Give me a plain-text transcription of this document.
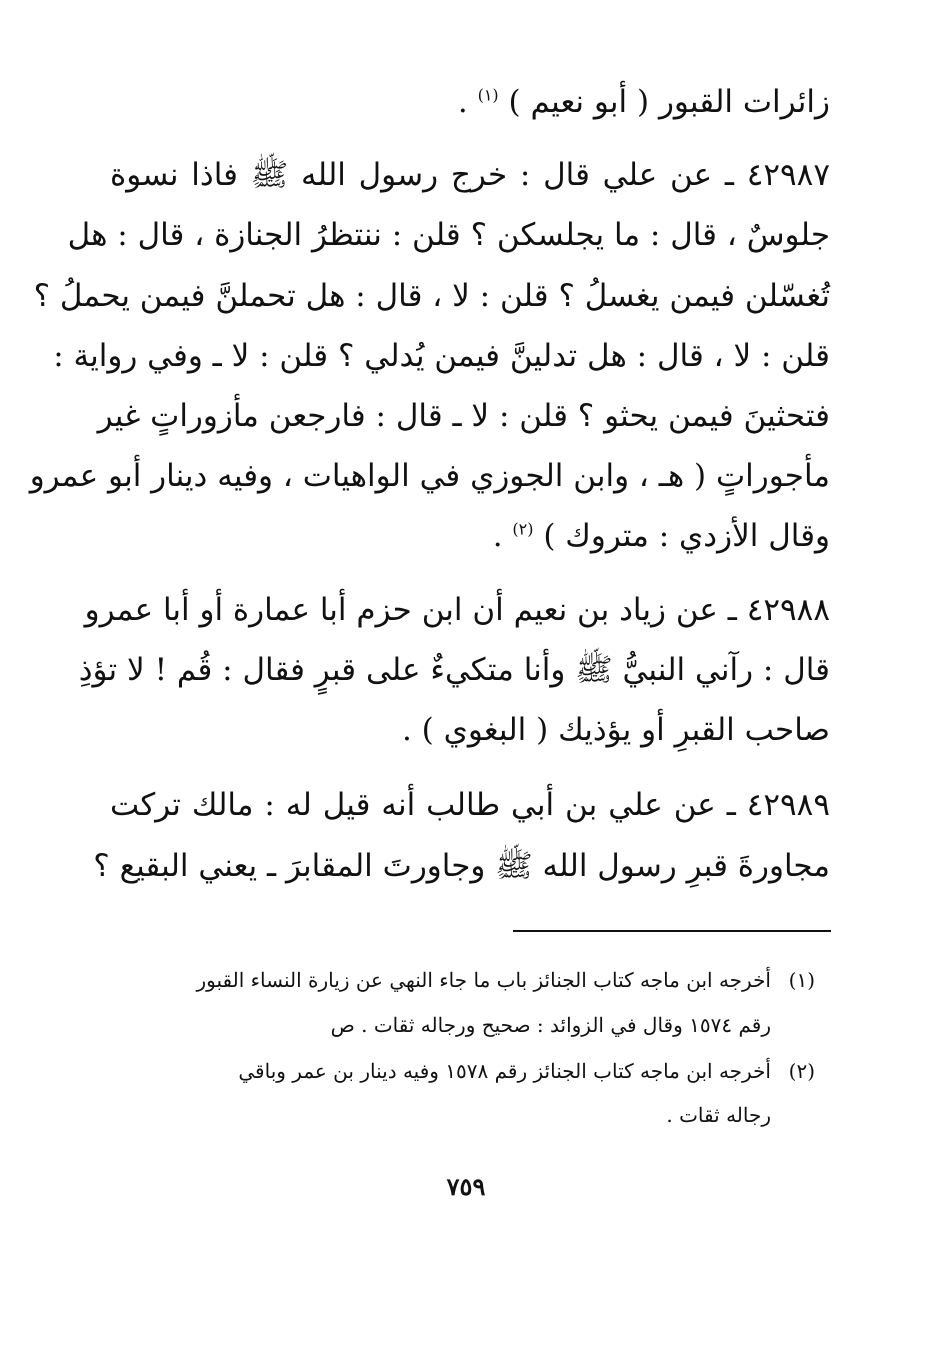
زائرات القبور ( أبو نعيم ) $^{(١)}$ .
٤٢٩٨٧ ـ عن علي قال : خرج رسول الله ﷺ فاذا نسوة
جلوسٌ ، قال : ما يجلسكن ؟ قلن : ننتظرُ الجنازة ، قال : هل
تُغسّلن فيمن يغسلُ ؟ قلن : لا ، قال : هل تحملنَّ فيمن يحملُ ؟
قلن : لا ، قال : هل تدلينَّ فيمن يُدلي ؟ قلن : لا ـ وفي رواية :
فتحثينَ فيمن يحثو ؟ قلن : لا ـ قال : فارجعن مأزوراتٍ غير
مأجوراتٍ ( هـ ، وابن الجوزي في الواهيات ، وفيه دينار أبو عمرو
وقال الأزدي : متروك ) $^{(٢)}$ .
٤٢٩٨٨ ـ عن زياد بن نعيم أن ابن حزم أبا عمارة أو أبا عمرو
قال : رآني النبيُّ ﷺ وأنا متكيءٌ على قبرٍ فقال : قُم ! لا تؤذِ
صاحب القبرِ أو يؤذيك ( البغوي ) .
٤٢٩٨٩ ـ عن علي بن أبي طالب أنه قيل له : مالك تركت
مجاورةَ قبرِ رسول الله ﷺ وجاورتَ المقابرَ ـ يعني البقيع ؟
(١)أخرجه ابن ماجه كتاب الجنائز باب ما جاء النهي عن زيارة النساء القبور
رقم ١٥٧٤ وقال في الزوائد : صحيح ورجاله ثقات . ص
(٢)أخرجه ابن ماجه كتاب الجنائز رقم ١٥٧٨ وفيه دينار بن عمر وباقي
رجاله ثقات .
٧٥٩
